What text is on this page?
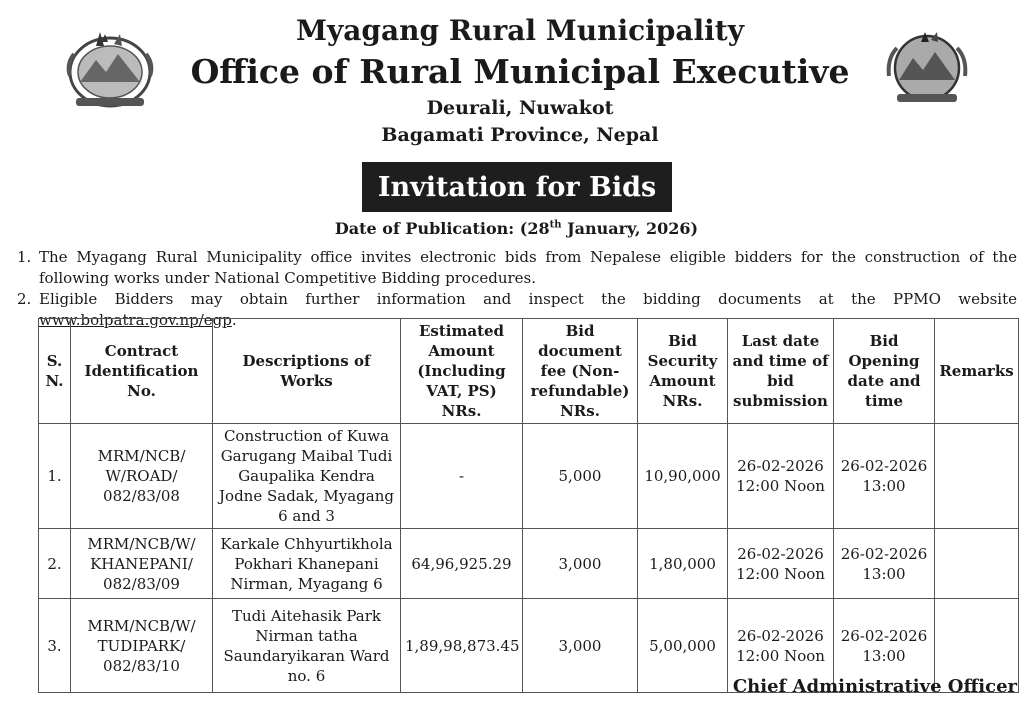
Myagang Rural Municipality
Office of Rural Municipal Executive
Deurali, Nuwakot
Bagamati Province, Nepal
Invitation for Bids
Date of Publication: (28th January, 2026)
1. The Myagang Rural Municipality office invites electronic bids from Nepalese eligible bidders for the construction of the following works under National Competitive Bidding procedures.
2. Eligible Bidders may obtain further information and inspect the bidding documents at the PPMO website www.bolpatra.gov.np/egp.
S. N.	Contract Identification No.	Descriptions of Works	Estimated Amount (Including VAT, PS) NRs.	Bid document fee (Non-refundable) NRs.	Bid Security Amount NRs.	Last date and time of bid submission	Bid Opening date and time	Remarks
1.	MRM/NCB/ W/ROAD/ 082/83/08	Construction of Kuwa Garugang Maibal Tudi Gaupalika Kendra Jodne Sadak, Myagang 6 and 3	-	5,000	10,90,000	26-02-2026 12:00 Noon	26-02-2026 13:00	
2.	MRM/NCB/W/ KHANEPANI/ 082/83/09	Karkale Chhyurtikhola Pokhari Khanepani Nirman, Myagang 6	64,96,925.29	3,000	1,80,000	26-02-2026 12:00 Noon	26-02-2026 13:00	
3.	MRM/NCB/W/ TUDIPARK/ 082/83/10	Tudi Aitehasik Park Nirman tatha Saundaryikaran Ward no. 6	1,89,98,873.45	3,000	5,00,000	26-02-2026 12:00 Noon	26-02-2026 13:00	
Chief Administrative Officer
